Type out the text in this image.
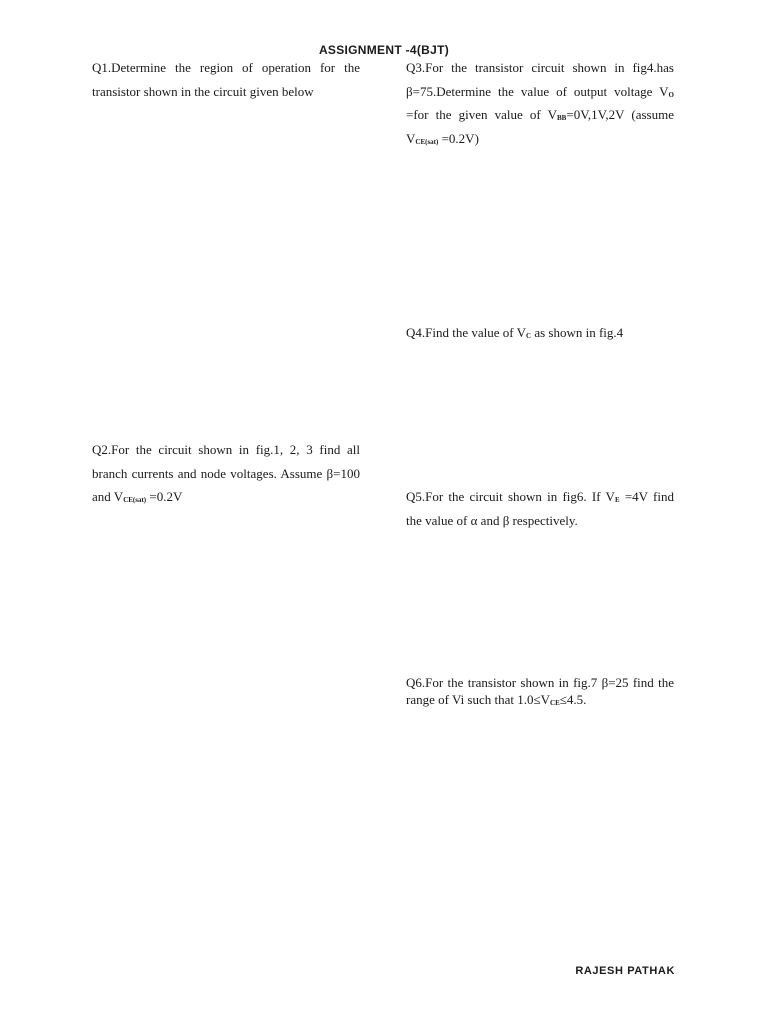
ASSIGNMENT -4(BJT)
Q1.Determine the region of operation for the transistor shown in the circuit given below
Q2.For the circuit shown in fig.1, 2, 3 find all branch currents and node voltages. Assume β=100 and $V_{CE(sat)} =0.2V$
Q3.For the transistor circuit shown in fig4.has β=75.Determine the value of output voltage $V_O =for$ the given value of $V_{BB}=0V,1V,2V$ (assume $V_{CE(sat)} =0.2V$)
Q4.Find the value of $V_C$ as shown in fig.4
Q5.For the circuit shown in fig6. If $V_E =4V$ find the value of α and β respectively.
Q6.For the transistor shown in fig.7 β=25 find the range of Vi such that $1.0\le V_{CE}\le 4.5$.
RAJESH PATHAK
